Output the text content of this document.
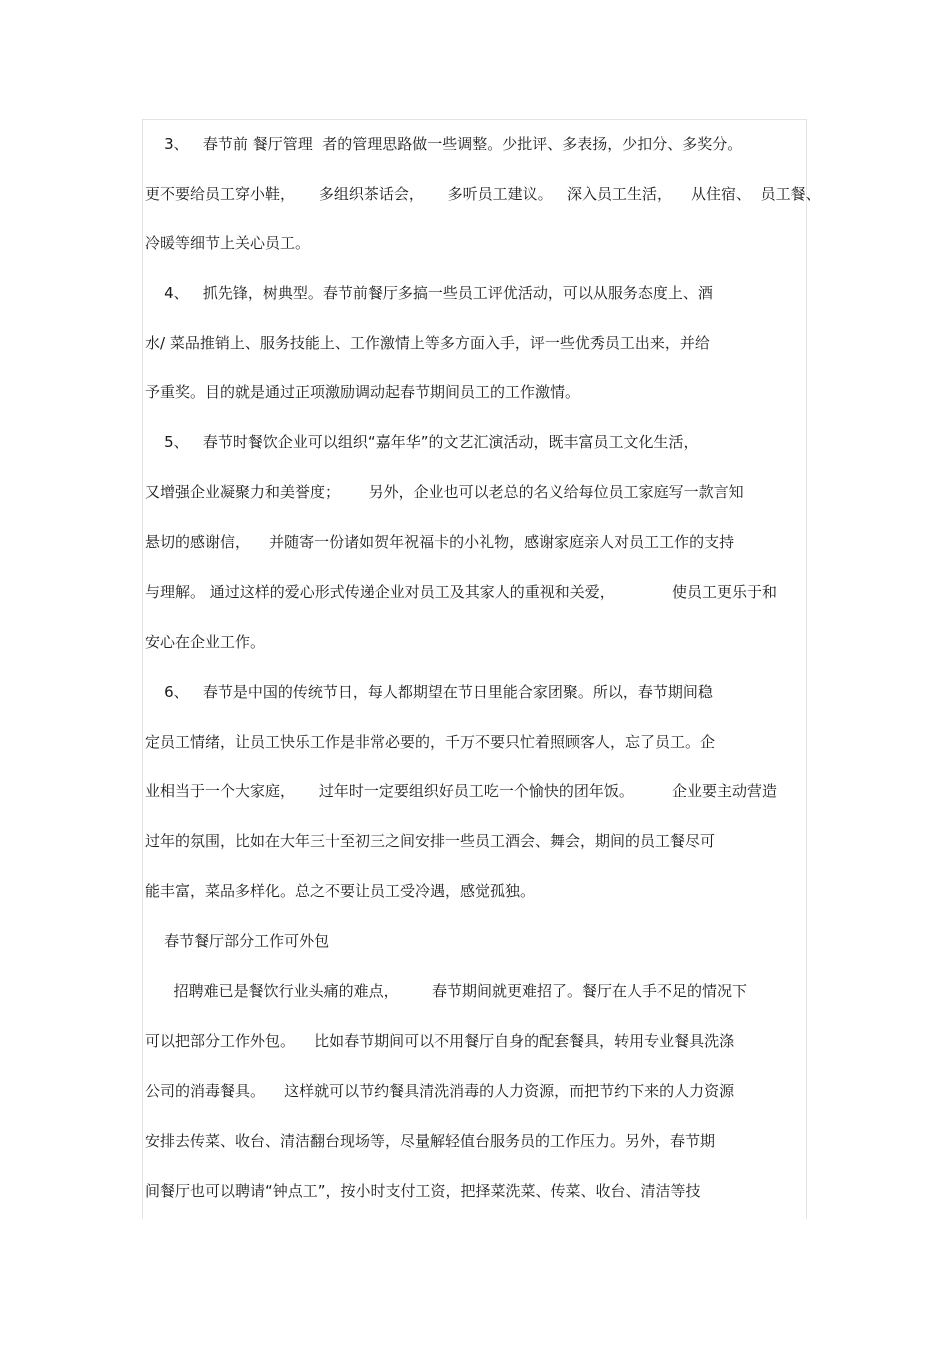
3、   春节前 餐厅管理  者的管理思路做一些调整。少批评、多表扬，少扣分、多奖分。
更不要给员工穿小鞋，     多组织茶话会，     多听员工建议。   深入员工生活，    从住宿、  员工餐、
冷暖等细节上关心员工。
4、   抓先锋，树典型。春节前餐厅多搞一些员工评优活动，可以从服务态度上、酒
水/ 菜品推销上、服务技能上、工作激情上等多方面入手，评一些优秀员工出来，并给
予重奖。目的就是通过正项激励调动起春节期间员工的工作激情。
5、   春节时餐饮企业可以组织“嘉年华”的文艺汇演活动，既丰富员工文化生活，
又增强企业凝聚力和美誉度；      另外，企业也可以老总的名义给每位员工家庭写一款言知
悬切的感谢信，    并随寄一份诸如贺年祝福卡的小礼物，感谢家庭亲人对员工工作的支持
与理解。 通过这样的爱心形式传递企业对员工及其家人的重视和关爱，            使员工更乐于和
安心在企业工作。
6、   春节是中国的传统节日，每人都期望在节日里能合家团聚。所以，春节期间稳
定员工情绪，让员工快乐工作是非常必要的，千万不要只忙着照顾客人，忘了员工。企
业相当于一个大家庭，     过年时一定要组织好员工吃一个愉快的团年饭。        企业要主动营造
过年的氛围，比如在大年三十至初三之间安排一些员工酒会、舞会，期间的员工餐尽可
能丰富，菜品多样化。总之不要让员工受冷遇，感觉孤独。
春节餐厅部分工作可外包
招聘难已是餐饮行业头痛的难点，       春节期间就更难招了。餐厅在人手不足的情况下
可以把部分工作外包。    比如春节期间可以不用餐厅自身的配套餐具，转用专业餐具洗涤
公司的消毒餐具。    这样就可以节约餐具清洗消毒的人力资源，而把节约下来的人力资源
安排去传菜、收台、清洁翻台现场等，尽量解轻值台服务员的工作压力。另外，春节期
间餐厅也可以聘请“钟点工”，按小时支付工资，把择菜洗菜、传菜、收台、清洁等技
